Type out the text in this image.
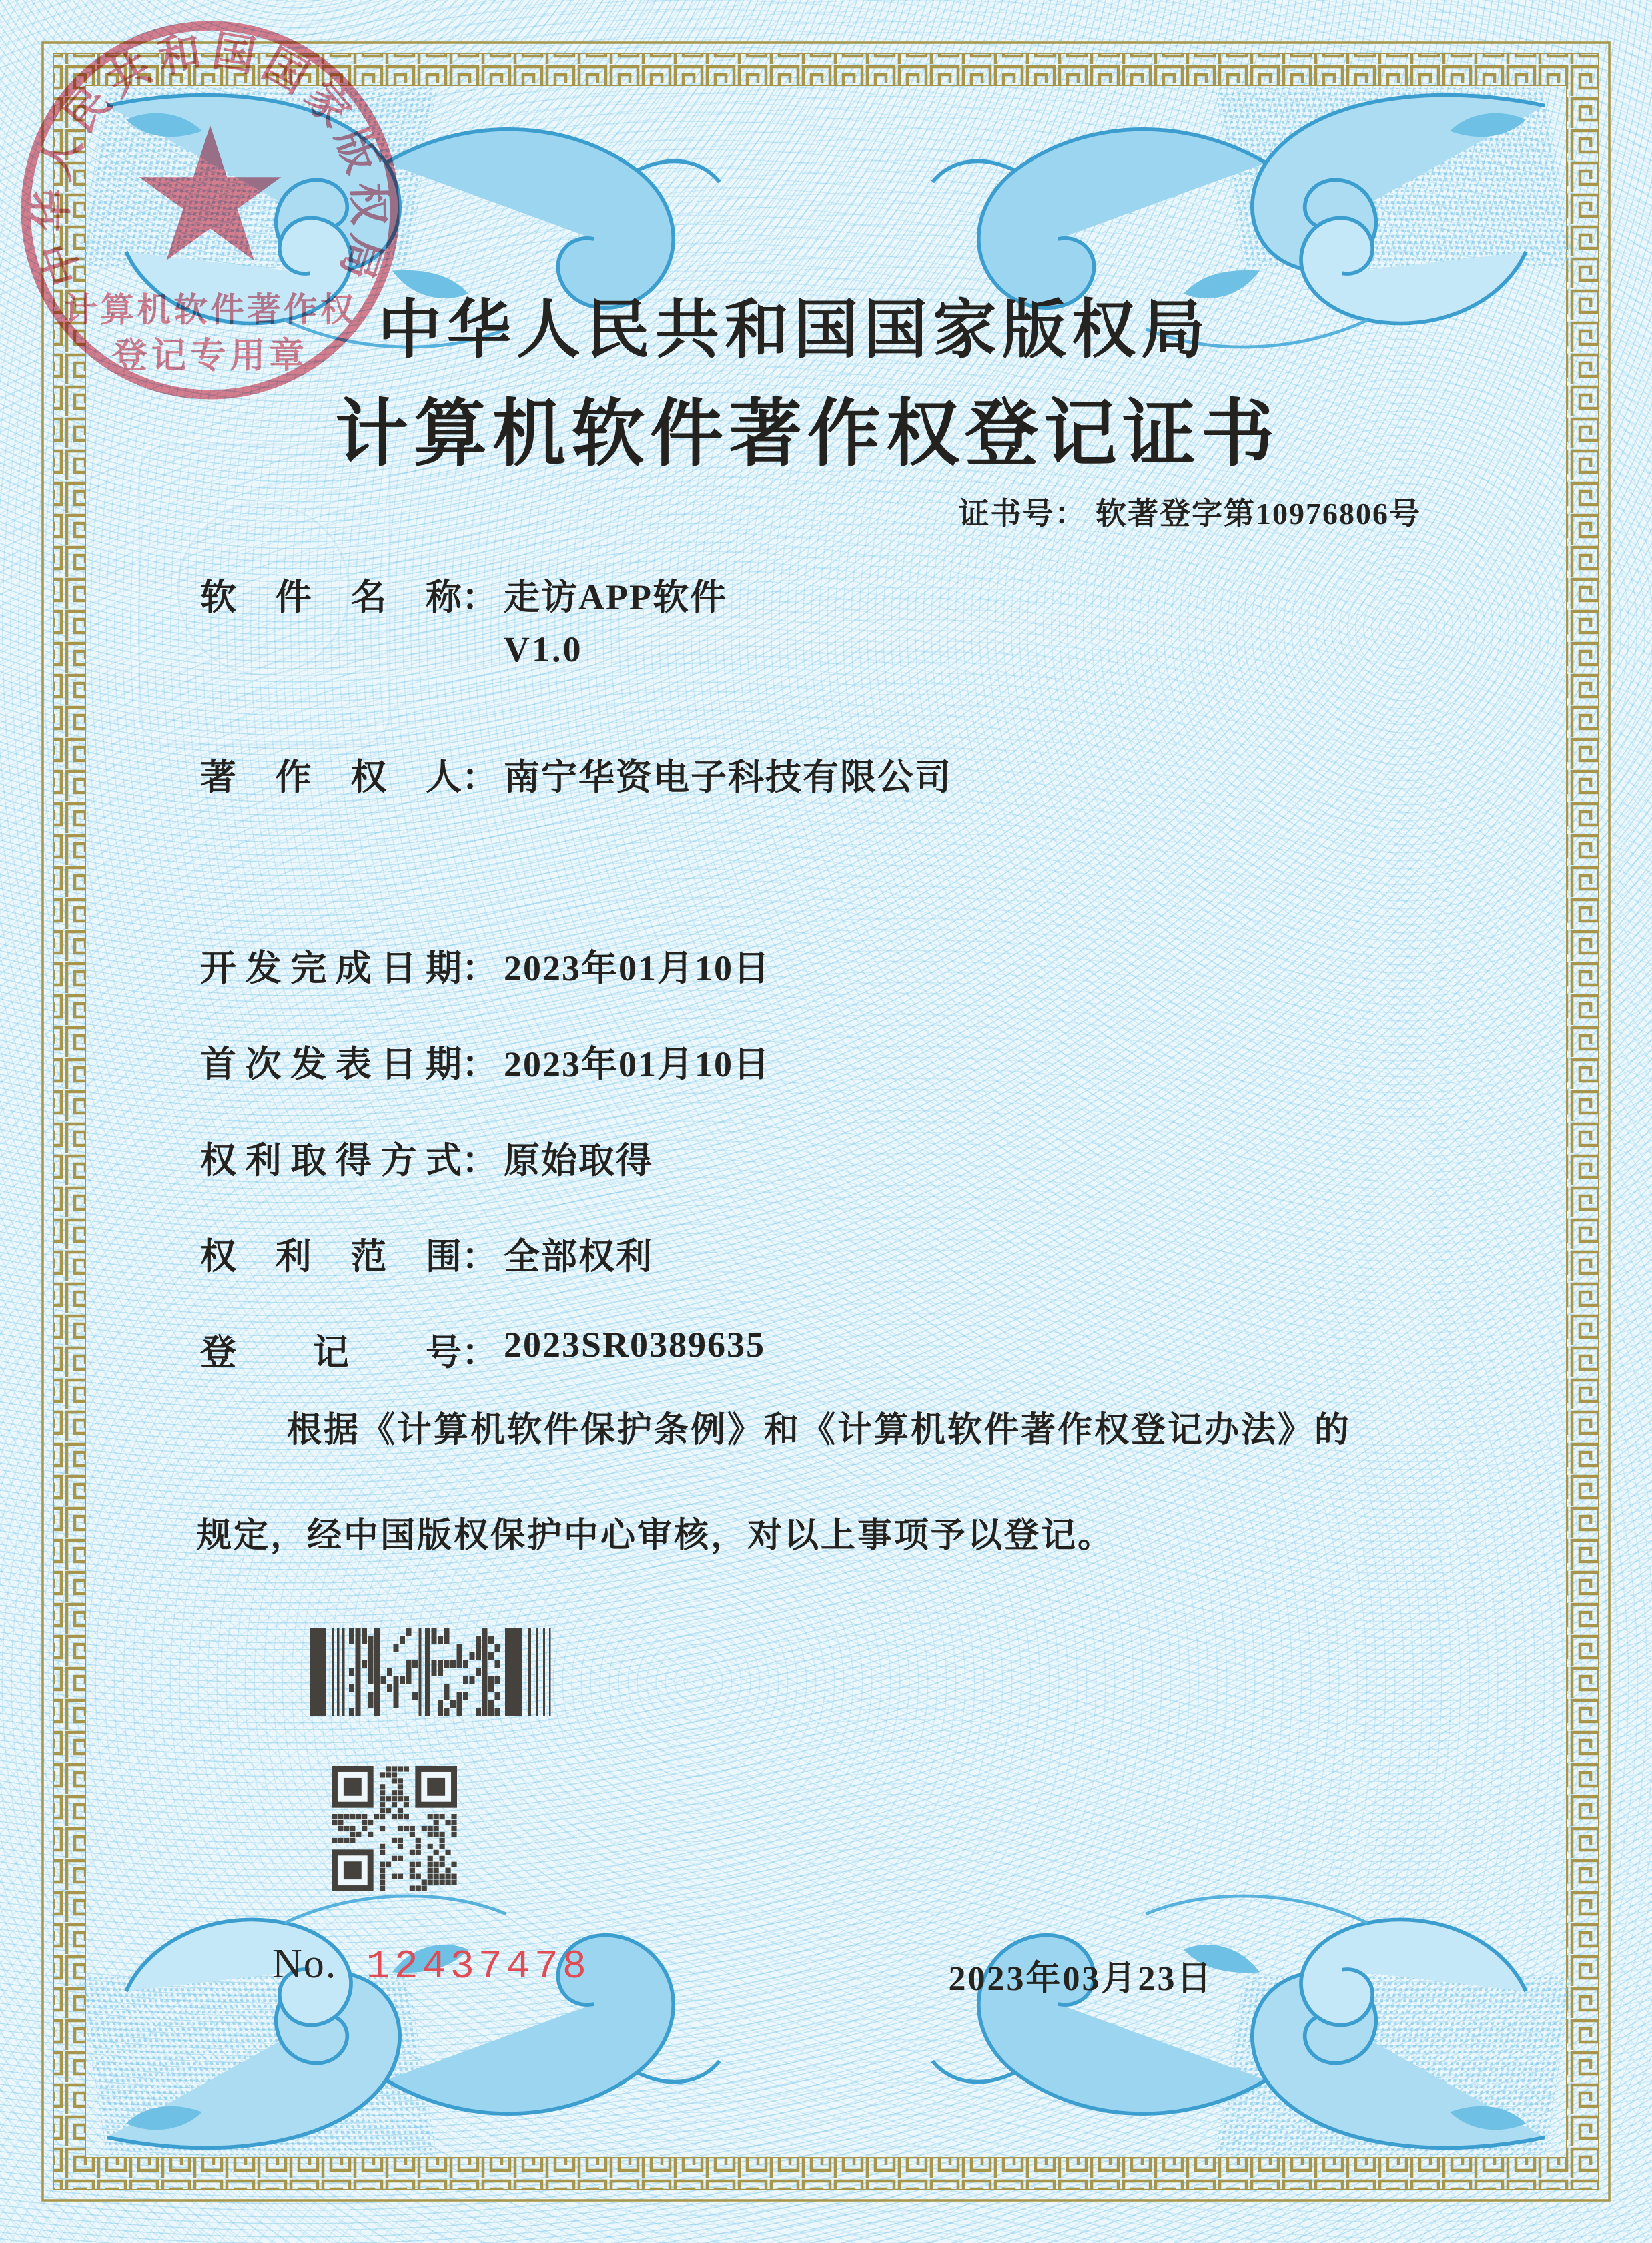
中华人民共和国国家版权局
计算机软件著作权
登记专用章	中华人民共和国国家版权局
计算机软件著作权登记证书
证书号： 软著登字第10976806号
软件名称： 走访APP软件
V1.0
著作权人： 南宁华资电子科技有限公司
开发完成日期： 2023年01月10日
首次发表日期： 2023年01月10日
权利取得方式： 原始取得
权利范围： 全部权利
登记号： 2023SR0389635
根据《计算机软件保护条例》和《计算机软件著作权登记办法》的
规定，经中国版权保护中心审核，对以上事项予以登记。
No. 12437478	2023年03月23日
